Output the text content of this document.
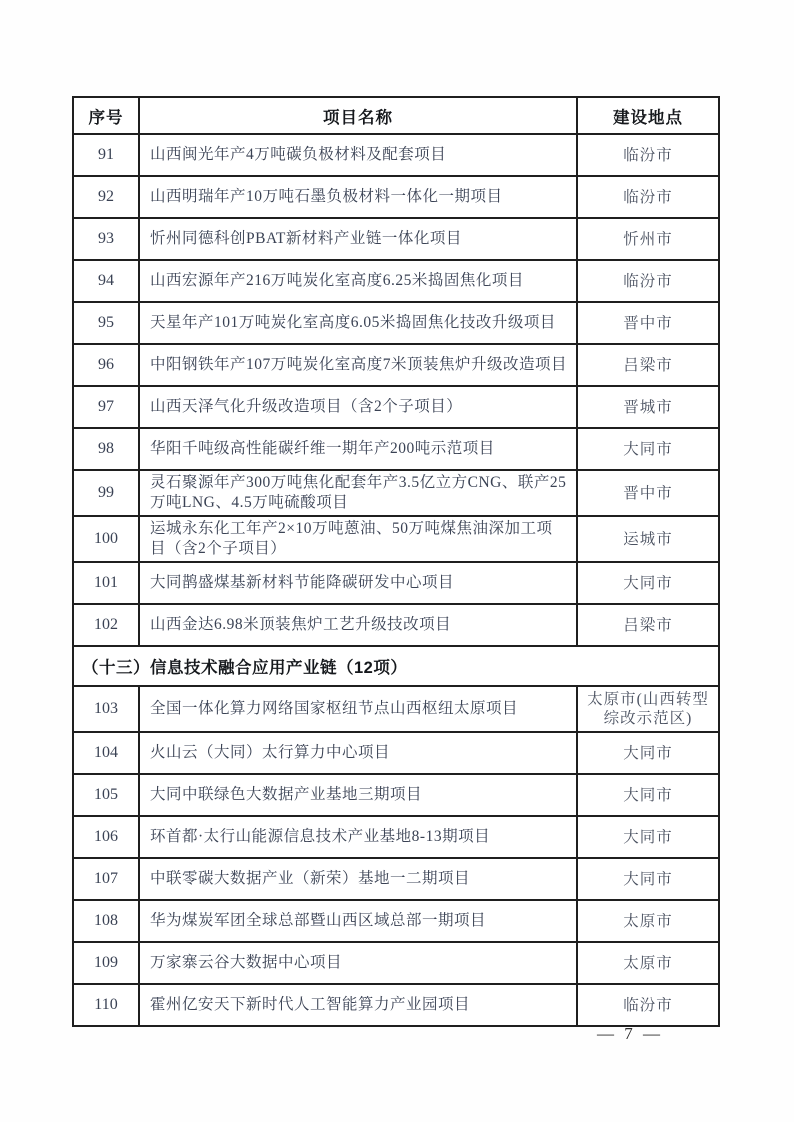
序号	项目名称	建设地点
91	山西闽光年产4万吨碳负极材料及配套项目	临汾市
92	山西明瑞年产10万吨石墨负极材料一体化一期项目	临汾市
93	忻州同德科创PBAT新材料产业链一体化项目	忻州市
94	山西宏源年产216万吨炭化室高度6.25米捣固焦化项目	临汾市
95	天星年产101万吨炭化室高度6.05米捣固焦化技改升级项目	晋中市
96	中阳钢铁年产107万吨炭化室高度7米顶装焦炉升级改造项目	吕梁市
97	山西天泽气化升级改造项目（含2个子项目）	晋城市
98	华阳千吨级高性能碳纤维一期年产200吨示范项目	大同市
99	灵石聚源年产300万吨焦化配套年产3.5亿立方CNG、联产25万吨LNG、4.5万吨硫酸项目	晋中市
100	运城永东化工年产2×10万吨蒽油、50万吨煤焦油深加工项目（含2个子项目）	运城市
101	大同鹊盛煤基新材料节能降碳研发中心项目	大同市
102	山西金达6.98米顶装焦炉工艺升级技改项目	吕梁市
（十三）信息技术融合应用产业链（12项）		
103	全国一体化算力网络国家枢纽节点山西枢纽太原项目	太原市(山西转型综改示范区)
104	火山云（大同）太行算力中心项目	大同市
105	大同中联绿色大数据产业基地三期项目	大同市
106	环首都·太行山能源信息技术产业基地8-13期项目	大同市
107	中联零碳大数据产业（新荣）基地一二期项目	大同市
108	华为煤炭军团全球总部暨山西区域总部一期项目	太原市
109	万家寨云谷大数据中心项目	太原市
110	霍州亿安天下新时代人工智能算力产业园项目	临汾市
— 7 —
